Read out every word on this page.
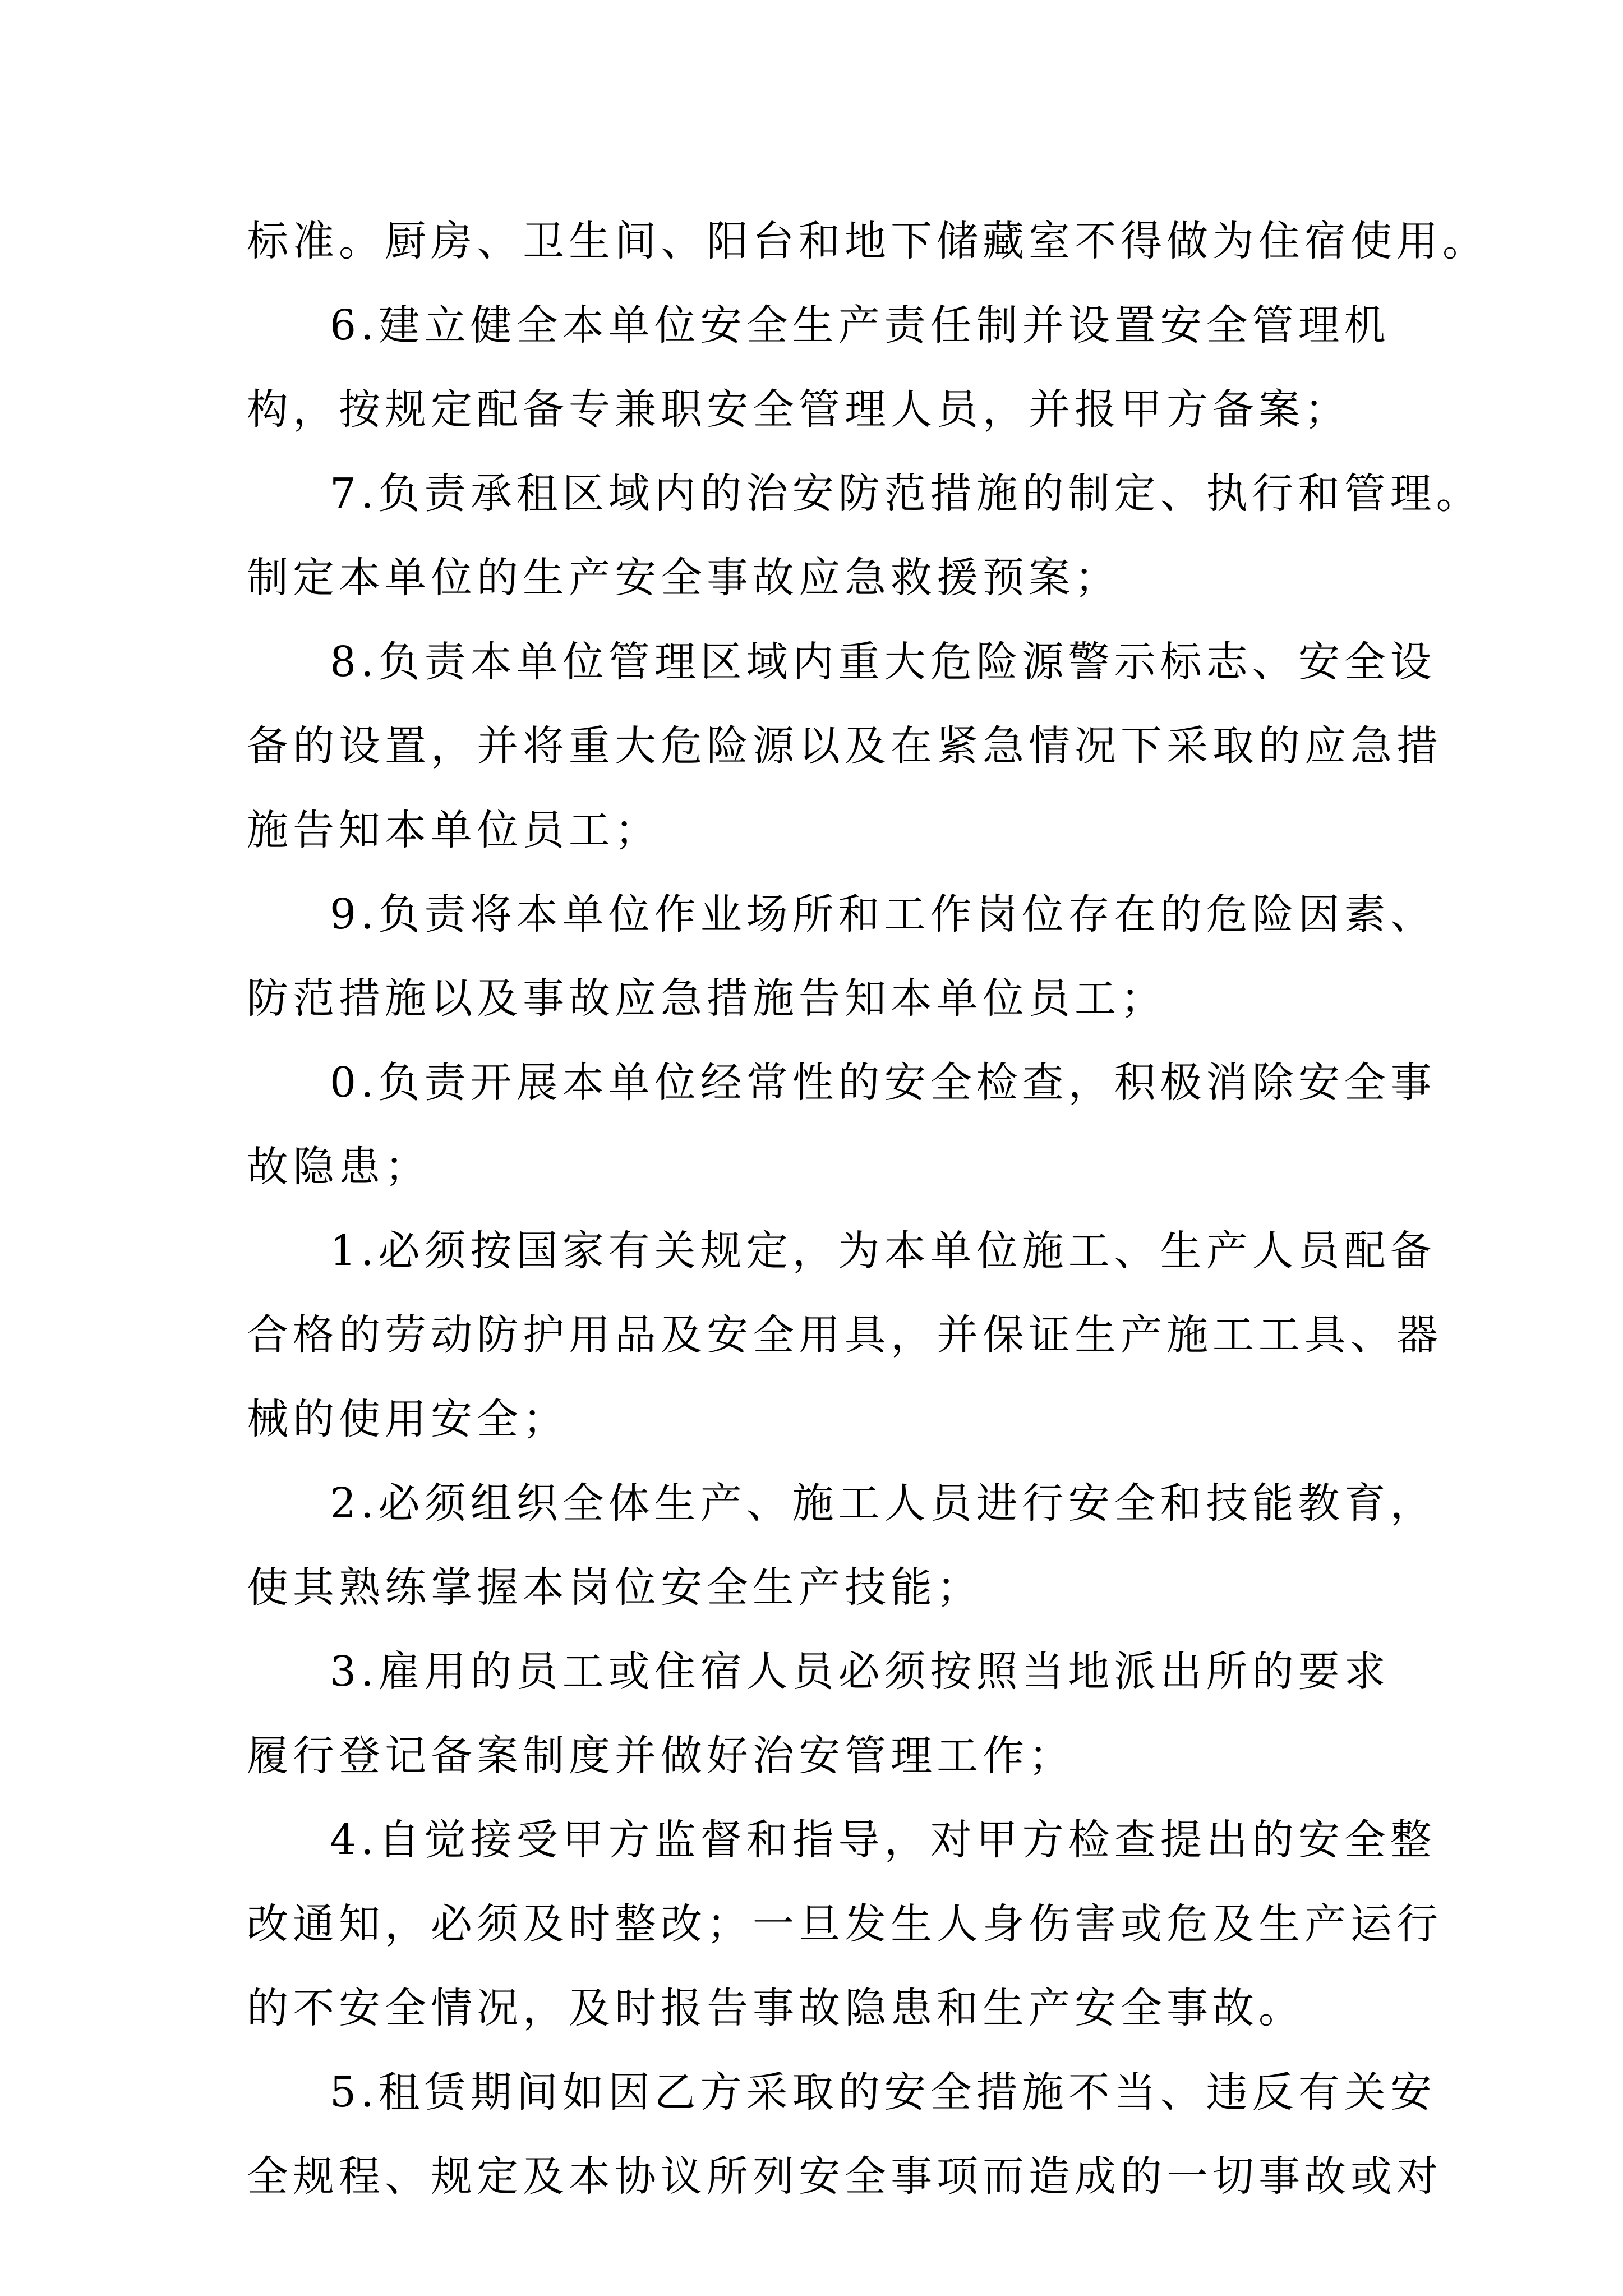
标准。厨房、卫生间、阳台和地下储藏室不得做为住宿使用。
6.建立健全本单位安全生产责任制并设置安全管理机
构，按规定配备专兼职安全管理人员，并报甲方备案；
7.负责承租区域内的治安防范措施的制定、执行和管理。
制定本单位的生产安全事故应急救援预案；
8.负责本单位管理区域内重大危险源警示标志、安全设
备的设置，并将重大危险源以及在紧急情况下采取的应急措
施告知本单位员工；
9.负责将本单位作业场所和工作岗位存在的危险因素、
防范措施以及事故应急措施告知本单位员工；
0.负责开展本单位经常性的安全检查，积极消除安全事
故隐患；
1.必须按国家有关规定，为本单位施工、生产人员配备
合格的劳动防护用品及安全用具，并保证生产施工工具、器
械的使用安全；
2.必须组织全体生产、施工人员进行安全和技能教育，
使其熟练掌握本岗位安全生产技能；
3.雇用的员工或住宿人员必须按照当地派出所的要求
履行登记备案制度并做好治安管理工作；
4.自觉接受甲方监督和指导，对甲方检查提出的安全整
改通知，必须及时整改；一旦发生人身伤害或危及生产运行
的不安全情况，及时报告事故隐患和生产安全事故。
5.租赁期间如因乙方采取的安全措施不当、违反有关安
全规程、规定及本协议所列安全事项而造成的一切事故或对
